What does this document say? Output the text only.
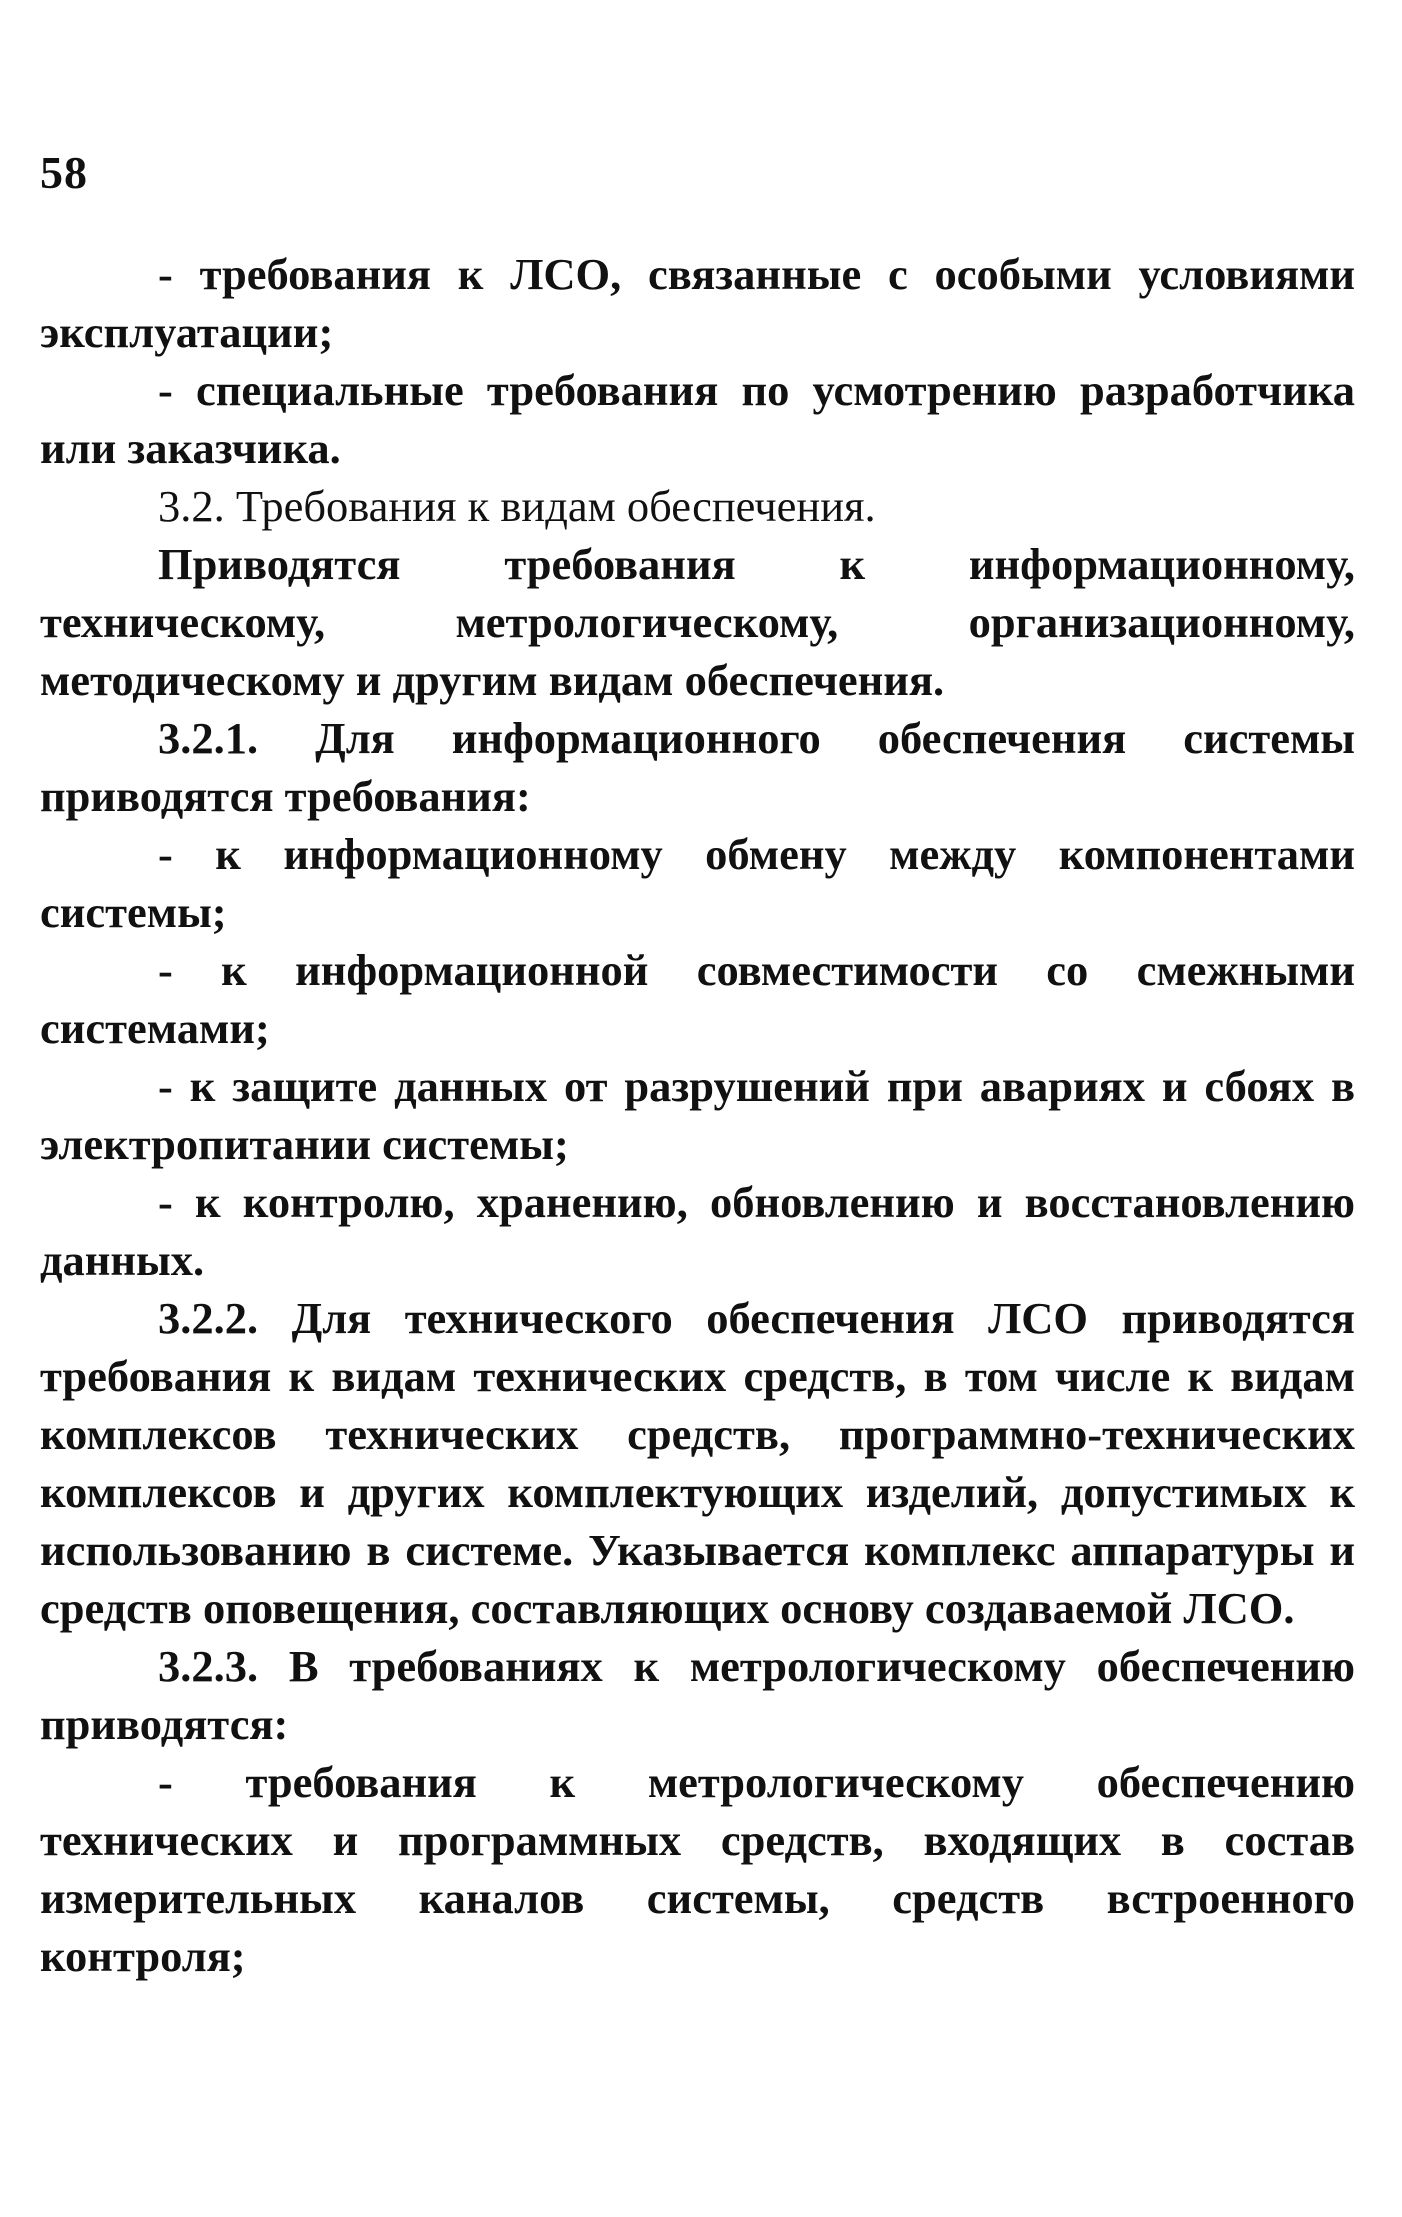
58

- требования к ЛСО, связанные с особыми условиями эксплуатации;

- специальные требования по усмотрению разработчика или заказчика.

3.2. Требования к видам обеспечения.

Приводятся требования к информационному, техническому, метрологическому, организационному, методическому и другим видам обеспечения.

3.2.1. Для информационного обеспечения системы приводятся требования:

- к информационному обмену между компонентами системы;

- к информационной совместимости со смежными системами;

- к защите данных от разрушений при авариях и сбоях в электропитании системы;

- к контролю, хранению, обновлению и восстановлению данных.

3.2.2. Для технического обеспечения ЛСО приводятся требования к видам технических средств, в том числе к видам комплексов технических средств, программно-технических комплексов и других комплектующих изделий, допустимых к использованию в системе. Указывается комплекс аппаратуры и средств оповещения, составляющих основу создаваемой ЛСО.

3.2.3. В требованиях к метрологическому обеспечению приводятся:

- требования к метрологическому обеспечению технических и программных средств, входящих в состав измерительных каналов системы, средств встроенного контроля;
